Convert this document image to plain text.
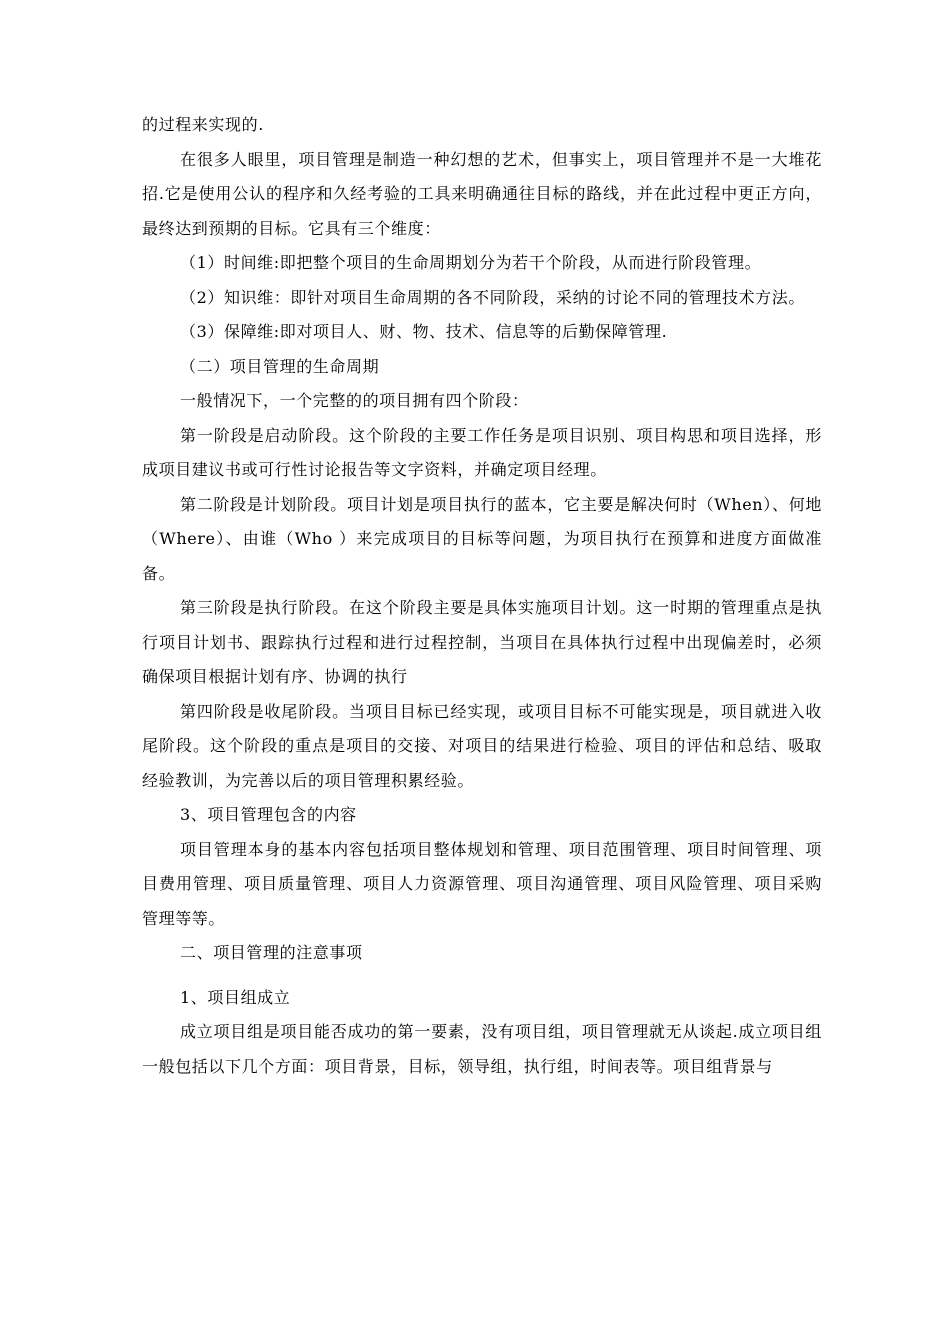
的过程来实现的.

在很多人眼里，项目管理是制造一种幻想的艺术，但事实上，项目管理并不是一大堆花招.它是使用公认的程序和久经考验的工具来明确通往目标的路线，并在此过程中更正方向，最终达到预期的目标。它具有三个维度：

（1）时间维:即把整个项目的生命周期划分为若干个阶段，从而进行阶段管理。

（2）知识维：即针对项目生命周期的各不同阶段，采纳的讨论不同的管理技术方法。

（3）保障维:即对项目人、财、物、技术、信息等的后勤保障管理.

（二）项目管理的生命周期

一般情况下，一个完整的的项目拥有四个阶段：

第一阶段是启动阶段。这个阶段的主要工作任务是项目识别、项目构思和项目选择，形成项目建议书或可行性讨论报告等文字资料，并确定项目经理。

第二阶段是计划阶段。项目计划是项目执行的蓝本，它主要是解决何时（When）、何地（Where）、由谁（Who ）来完成项目的目标等问题，为项目执行在预算和进度方面做准备。

第三阶段是执行阶段。在这个阶段主要是具体实施项目计划。这一时期的管理重点是执行项目计划书、跟踪执行过程和进行过程控制，当项目在具体执行过程中出现偏差时，必须确保项目根据计划有序、协调的执行

第四阶段是收尾阶段。当项目目标已经实现，或项目目标不可能实现是，项目就进入收尾阶段。这个阶段的重点是项目的交接、对项目的结果进行检验、项目的评估和总结、吸取经验教训，为完善以后的项目管理积累经验。

3、项目管理包含的内容

项目管理本身的基本内容包括项目整体规划和管理、项目范围管理、项目时间管理、项目费用管理、项目质量管理、项目人力资源管理、项目沟通管理、项目风险管理、项目采购管理等等。

二、项目管理的注意事项

1、项目组成立

成立项目组是项目能否成功的第一要素，没有项目组，项目管理就无从谈起.成立项目组一般包括以下几个方面：项目背景，目标，领导组，执行组，时间表等。项目组背景与
